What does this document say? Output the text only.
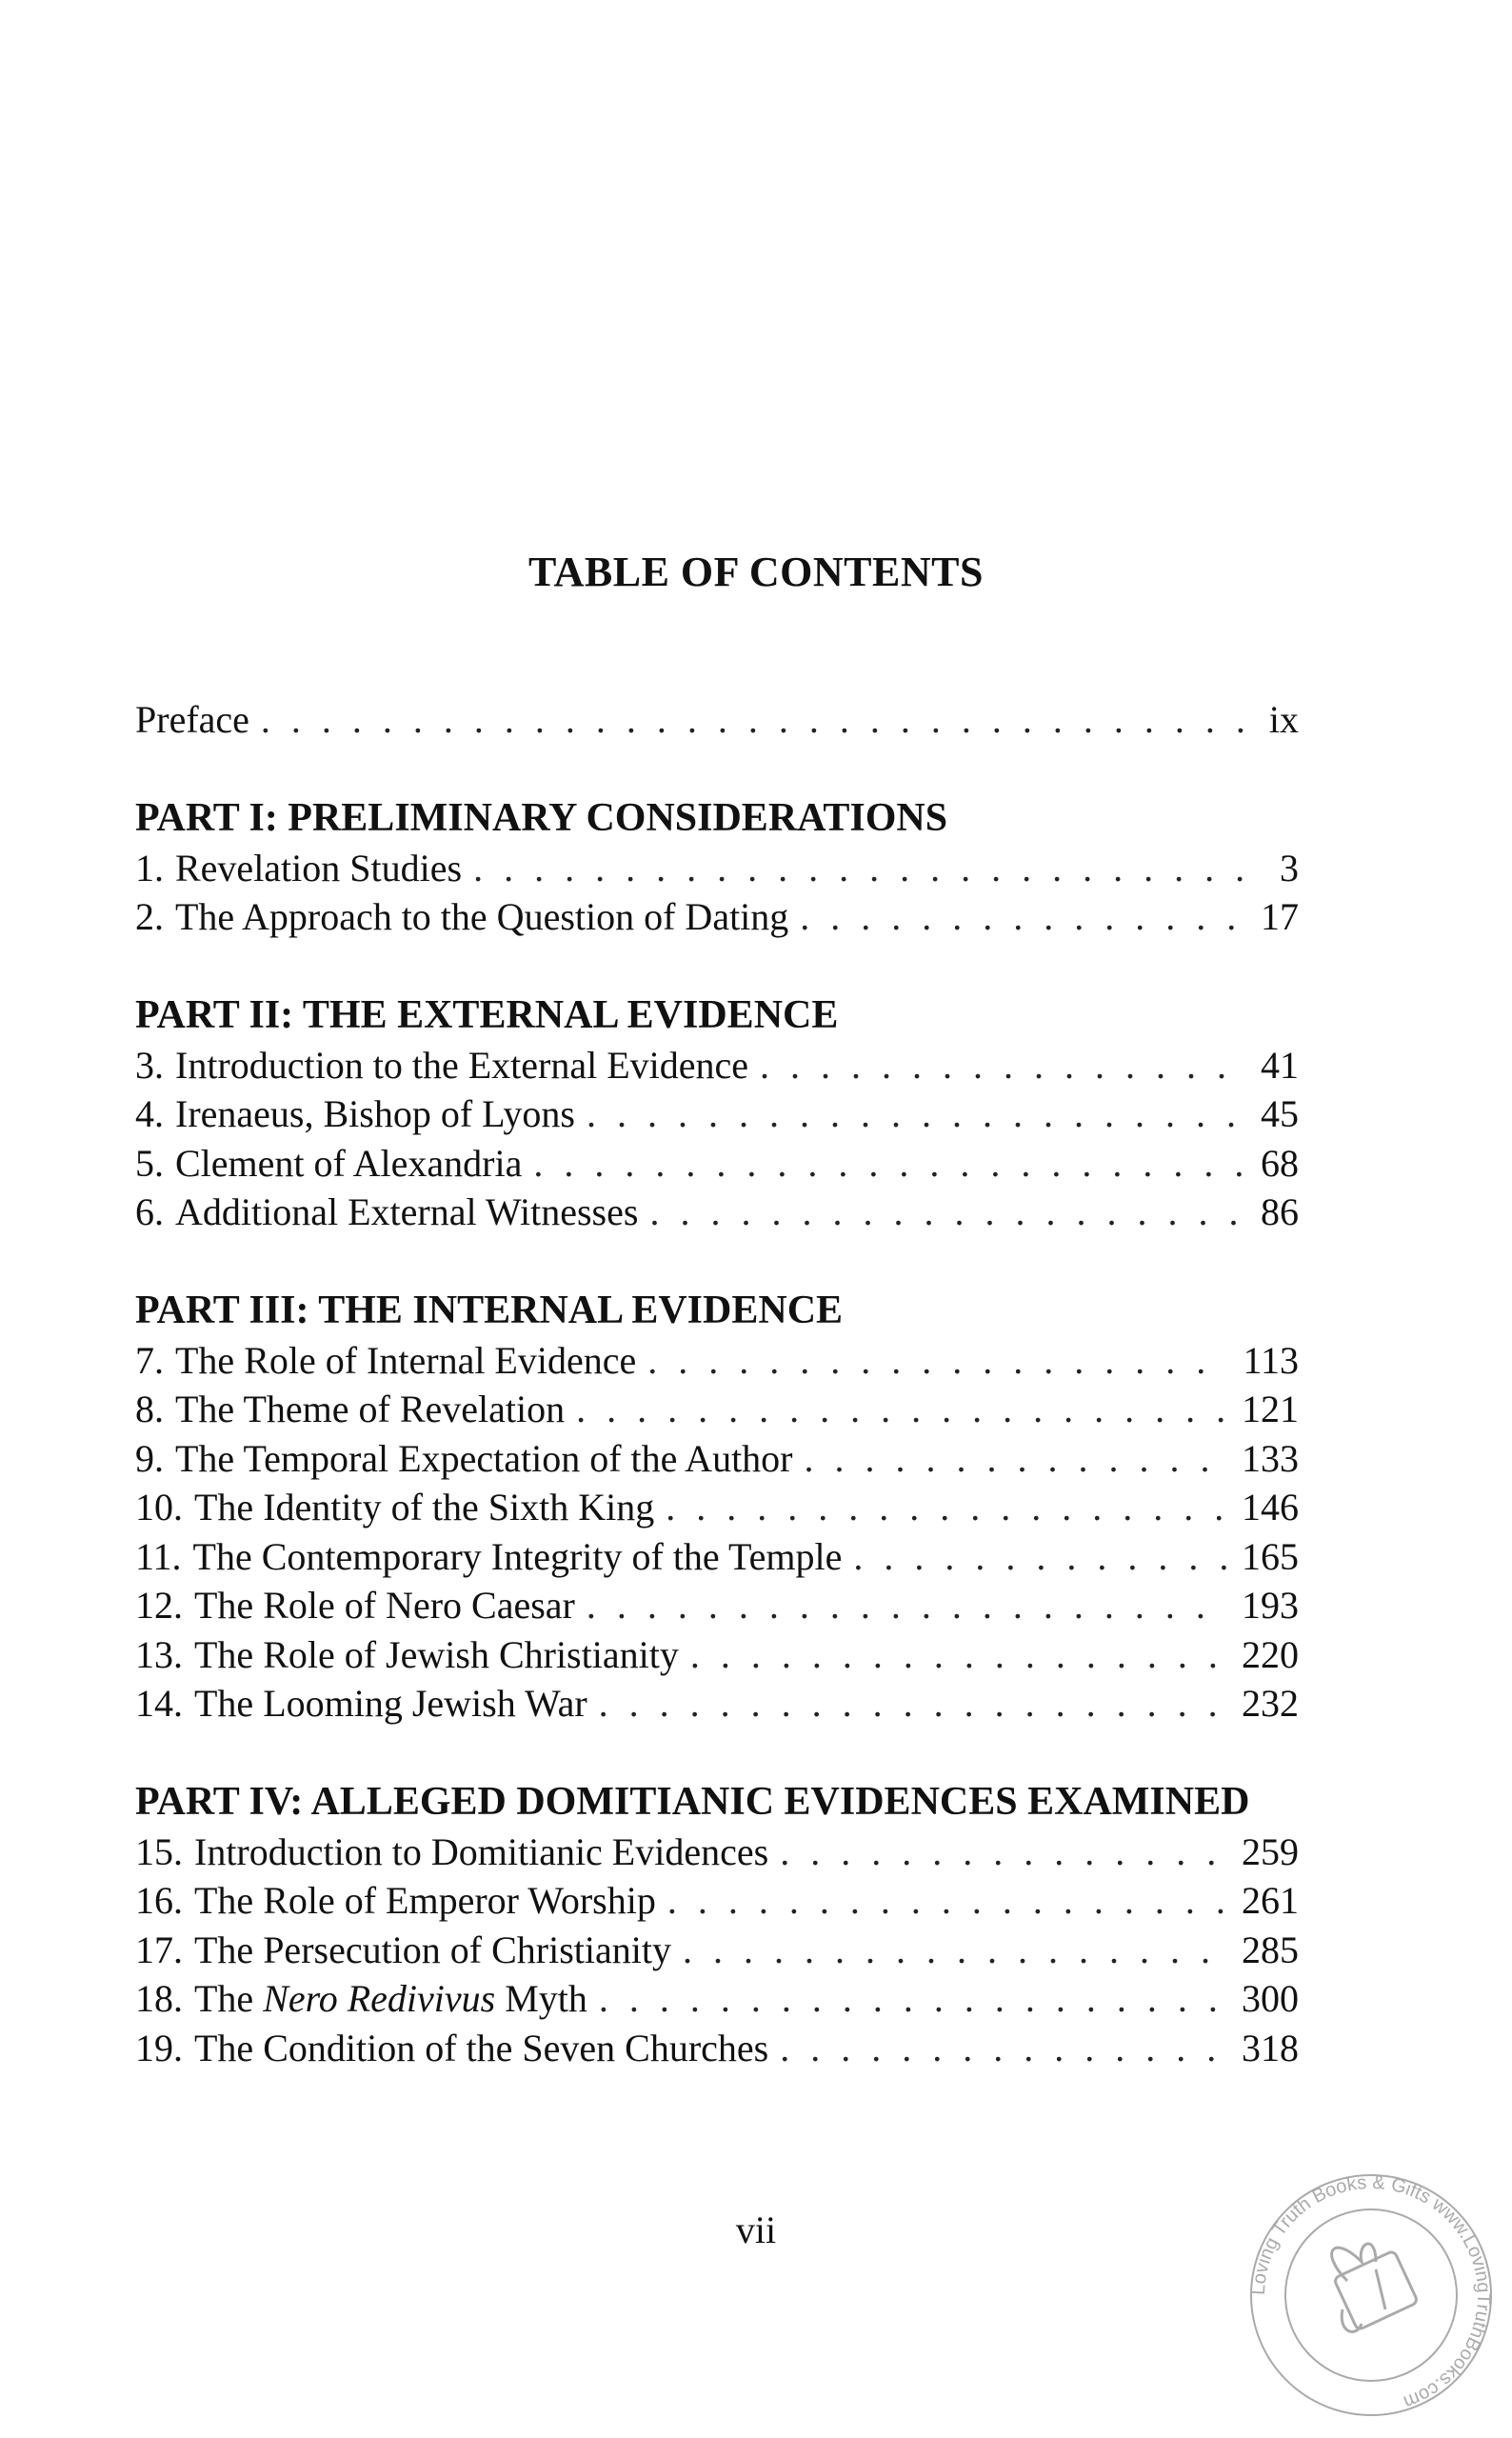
TABLE OF CONTENTS
Preface . . .	ix
PART I: PRELIMINARY CONSIDERATIONS
1. Revelation Studies . . .	3
2. The Approach to the Question of Dating . . .	17
PART II: THE EXTERNAL EVIDENCE
3. Introduction to the External Evidence . . .	41
4. Irenaeus, Bishop of Lyons . . .	45
5. Clement of Alexandria . . .	68
6. Additional External Witnesses . . .	86
PART III: THE INTERNAL EVIDENCE
7. The Role of Internal Evidence . . .	113
8. The Theme of Revelation . . .	121
9. The Temporal Expectation of the Author . . .	133
10. The Identity of the Sixth King . . .	146
11. The Contemporary Integrity of the Temple . . .	165
12. The Role of Nero Caesar . . .	193
13. The Role of Jewish Christianity . . .	220
14. The Looming Jewish War . . .	232
PART IV: ALLEGED DOMITIANIC EVIDENCES EXAMINED
15. Introduction to Domitianic Evidences . . .	259
16. The Role of Emperor Worship . . .	261
17. The Persecution of Christianity . . .	285
18. The Nero Redivivus Myth . . .	300
19. The Condition of the Seven Churches . . .	318
vii
Loving Truth Books & Gifts www.LovingTruthBooks.com
